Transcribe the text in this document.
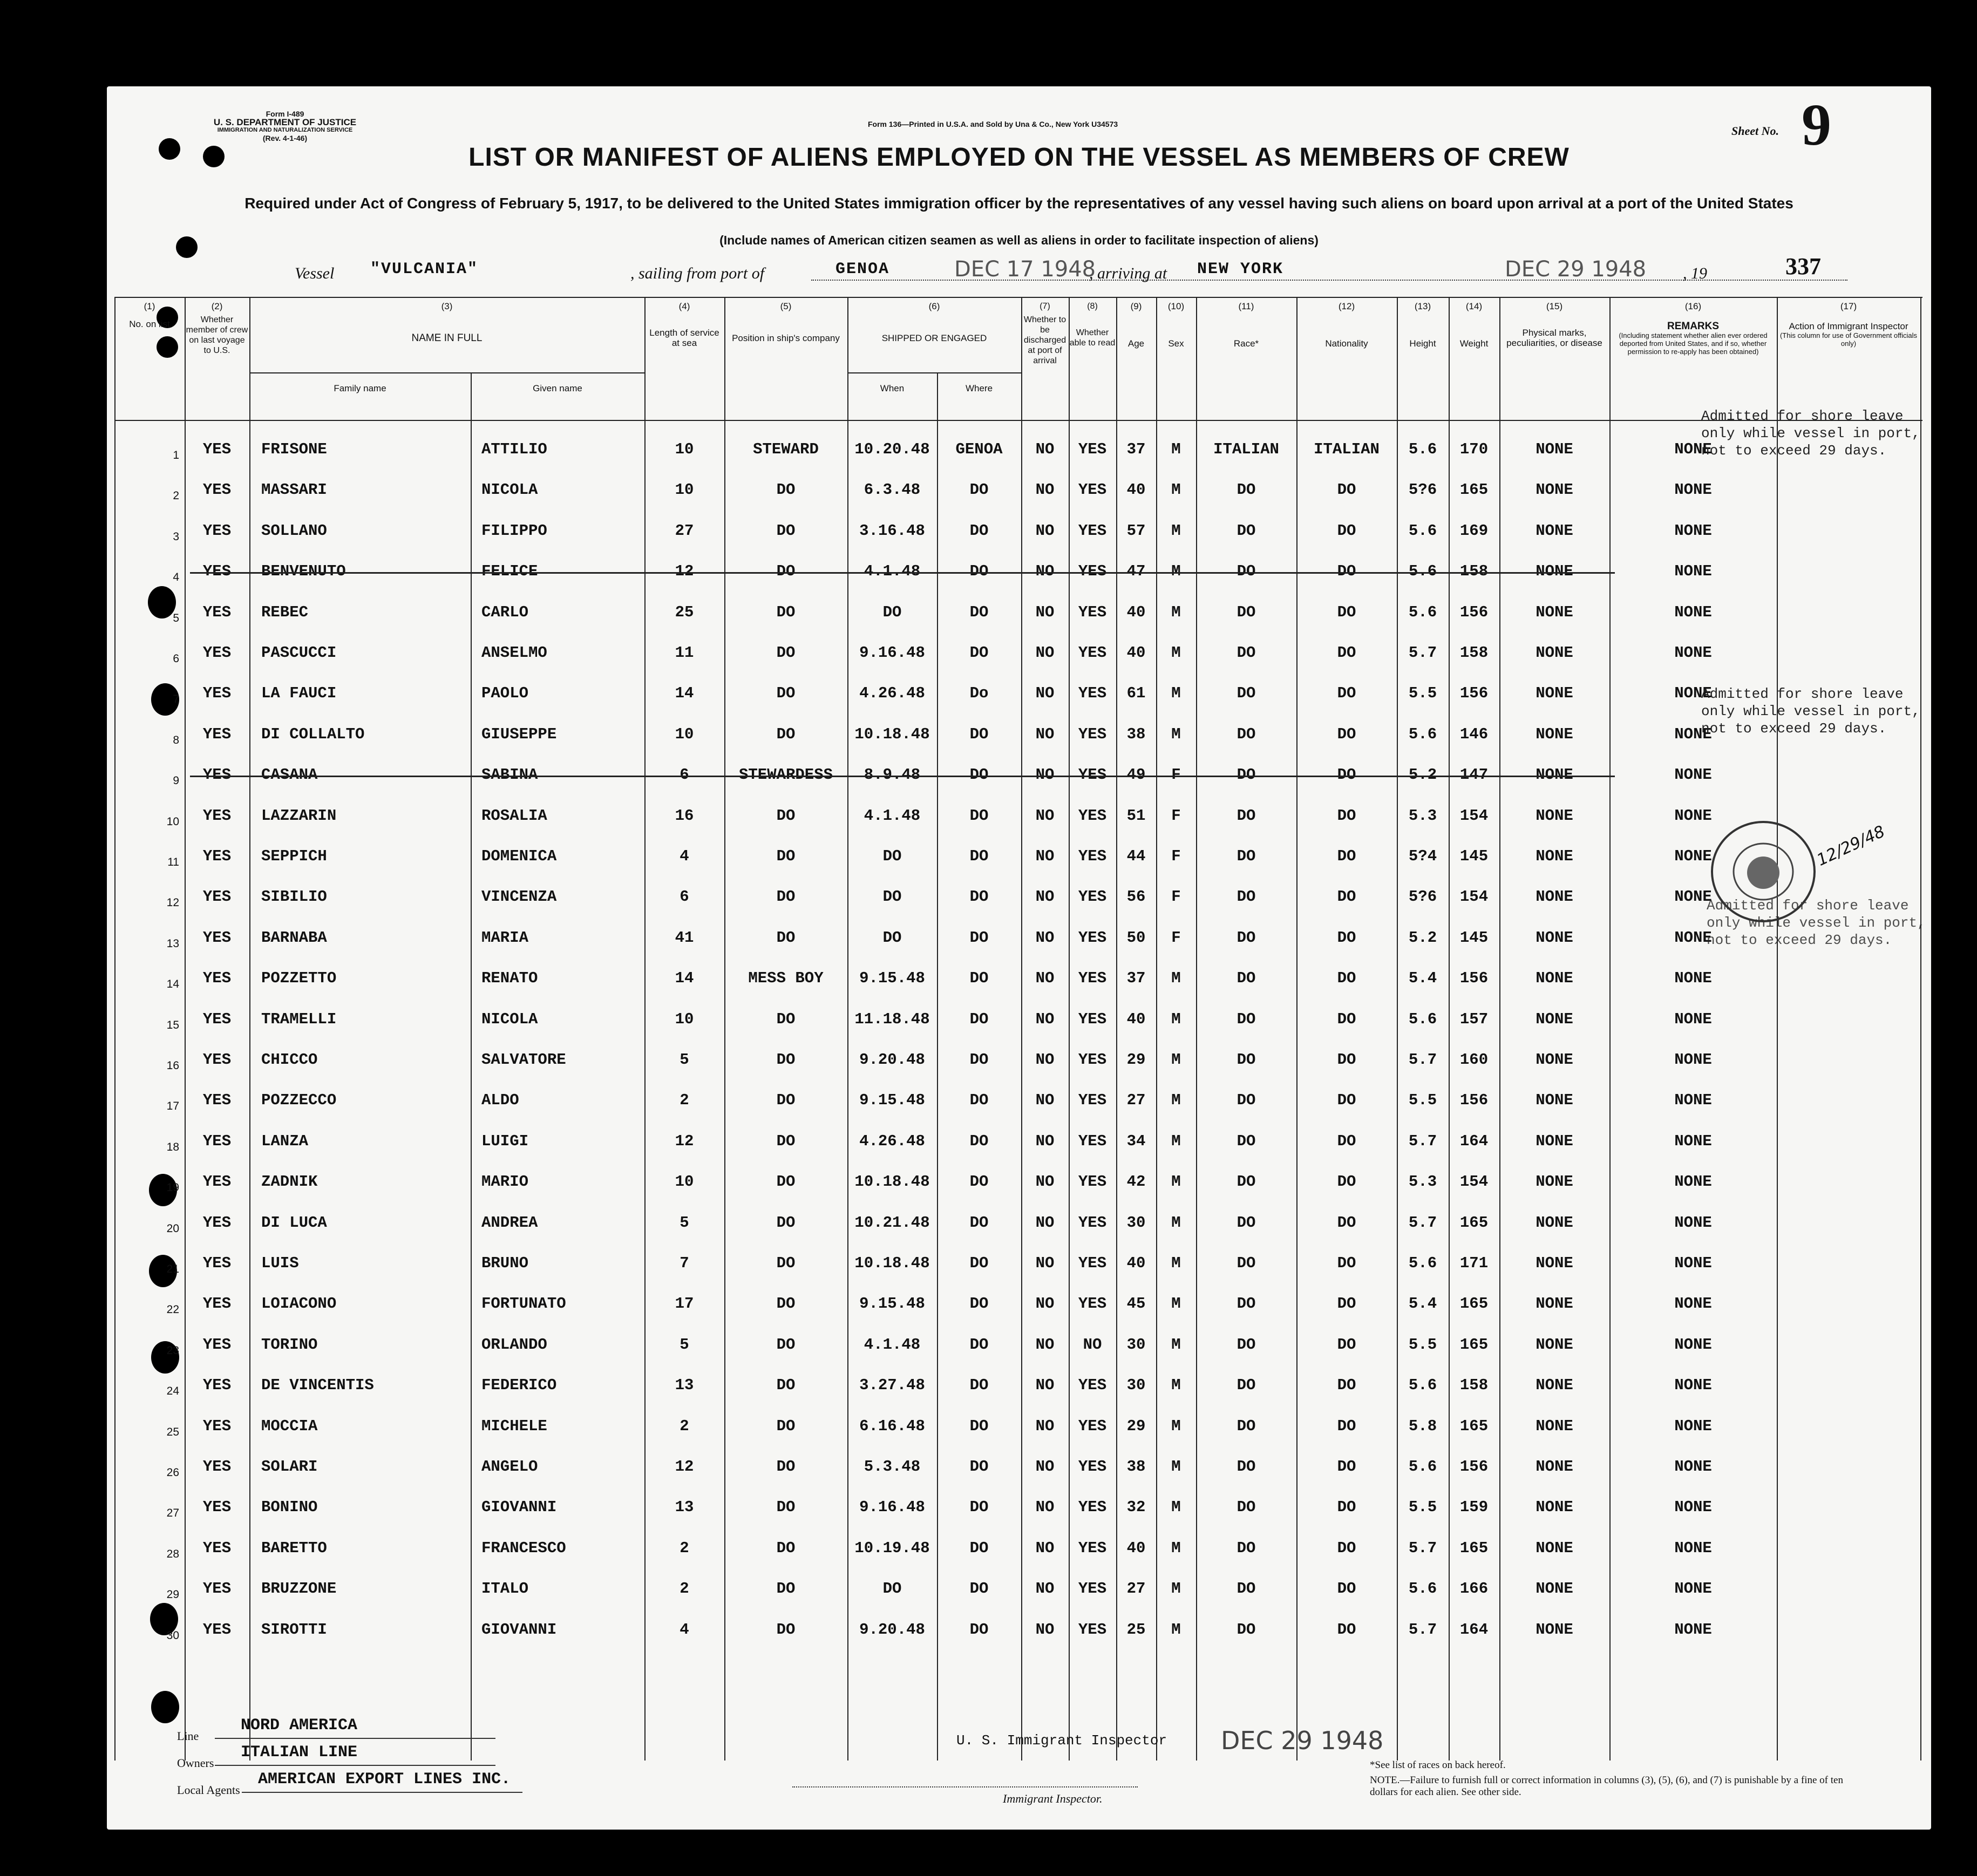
Form I-489
U. S. DEPARTMENT OF JUSTICE
IMMIGRATION AND NATURALIZATION SERVICE
(Rev. 4-1-46)
Form 136—Printed in U.S.A. and Sold by Una & Co., New York U34573	Sheet No. 9
LIST OR MANIFEST OF ALIENS EMPLOYED ON THE VESSEL AS MEMBERS OF CREW
Required under Act of Congress of February 5, 1917, to be delivered to the United States immigration officer by the representatives of any vessel having such aliens on board upon arrival at a port of the United States
(Include names of American citizen seamen as well as aliens in order to facilitate inspection of aliens)
Vessel "VULCANIA"	, sailing from port of	GENOA	DEC 17 1948
, arriving at NEW YORK	DEC 29 1948 , 19	337
(1)
No. on list
(2)
Whether member of crew on last voyage to U.S.
(3)
NAME IN FULL
Family name	Given name
(4)
Length of service at sea
(5)
Position in ship's company
(6)
SHIPPED OR ENGAGED
When	Where
(7)
Whether to be discharged at port of arrival
(8)
Whether able to read
(9)
Age
(10)
Sex
(11)
Race*
(12)
Nationality
(13)
Height
(14)
Weight
(15)
Physical marks, peculiarities, or disease
(16)
REMARKS
(Including statement whether alien ever ordered deported from United States, and if so, whether permission to re-apply has been obtained)
(17)
Action of Immigrant Inspector
(This column for use of Government officials only)
1	YES	FRISONE	ATTILIO	10	STEWARD	10.20.48	GENOA	NO	YES	37	M	ITALIAN	ITALIAN	5.6	170	NONE	NONE
2	YES	MASSARI	NICOLA	10	DO	6.3.48	DO	NO	YES	40	M	DO	DO	5?6	165	NONE	NONE
3	YES	SOLLANO	FILIPPO	27	DO	3.16.48	DO	NO	YES	57	M	DO	DO	5.6	169	NONE	NONE
4	YES	BENVENUTO	FELICE	12	DO	4.1.48	DO	NO	YES	47	M	DO	DO	5.6	158	NONE	NONE
5	YES	REBEC	CARLO	25	DO	DO	DO	NO	YES	40	M	DO	DO	5.6	156	NONE	NONE
6	YES	PASCUCCI	ANSELMO	11	DO	9.16.48	DO	NO	YES	40	M	DO	DO	5.7	158	NONE	NONE
7	YES	LA FAUCI	PAOLO	14	DO	4.26.48	Do	NO	YES	61	M	DO	DO	5.5	156	NONE	NONE
8	YES	DI COLLALTO	GIUSEPPE	10	DO	10.18.48	DO	NO	YES	38	M	DO	DO	5.6	146	NONE	NONE
9	YES	CASANA	SABINA	6	STEWARDESS	8.9.48	DO	NO	YES	49	F	DO	DO	5.2	147	NONE	NONE
10	YES	LAZZARIN	ROSALIA	16	DO	4.1.48	DO	NO	YES	51	F	DO	DO	5.3	154	NONE	NONE
11	YES	SEPPICH	DOMENICA	4	DO	DO	DO	NO	YES	44	F	DO	DO	5?4	145	NONE	NONE
12	YES	SIBILIO	VINCENZA	6	DO	DO	DO	NO	YES	56	F	DO	DO	5?6	154	NONE	NONE
13	YES	BARNABA	MARIA	41	DO	DO	DO	NO	YES	50	F	DO	DO	5.2	145	NONE	NONE
14	YES	POZZETTO	RENATO	14	MESS BOY	9.15.48	DO	NO	YES	37	M	DO	DO	5.4	156	NONE	NONE
15	YES	TRAMELLI	NICOLA	10	DO	11.18.48	DO	NO	YES	40	M	DO	DO	5.6	157	NONE	NONE
16	YES	CHICCO	SALVATORE	5	DO	9.20.48	DO	NO	YES	29	M	DO	DO	5.7	160	NONE	NONE
17	YES	POZZECCO	ALDO	2	DO	9.15.48	DO	NO	YES	27	M	DO	DO	5.5	156	NONE	NONE
18	YES	LANZA	LUIGI	12	DO	4.26.48	DO	NO	YES	34	M	DO	DO	5.7	164	NONE	NONE
19	YES	ZADNIK	MARIO	10	DO	10.18.48	DO	NO	YES	42	M	DO	DO	5.3	154	NONE	NONE
20	YES	DI LUCA	ANDREA	5	DO	10.21.48	DO	NO	YES	30	M	DO	DO	5.7	165	NONE	NONE
21	YES	LUIS	BRUNO	7	DO	10.18.48	DO	NO	YES	40	M	DO	DO	5.6	171	NONE	NONE
22	YES	LOIACONO	FORTUNATO	17	DO	9.15.48	DO	NO	YES	45	M	DO	DO	5.4	165	NONE	NONE
23	YES	TORINO	ORLANDO	5	DO	4.1.48	DO	NO	NO	30	M	DO	DO	5.5	165	NONE	NONE
24	YES	DE VINCENTIS	FEDERICO	13	DO	3.27.48	DO	NO	YES	30	M	DO	DO	5.6	158	NONE	NONE
25	YES	MOCCIA	MICHELE	2	DO	6.16.48	DO	NO	YES	29	M	DO	DO	5.8	165	NONE	NONE
26	YES	SOLARI	ANGELO	12	DO	5.3.48	DO	NO	YES	38	M	DO	DO	5.6	156	NONE	NONE
27	YES	BONINO	GIOVANNI	13	DO	9.16.48	DO	NO	YES	32	M	DO	DO	5.5	159	NONE	NONE
28	YES	BARETTO	FRANCESCO	2	DO	10.19.48	DO	NO	YES	40	M	DO	DO	5.7	165	NONE	NONE
29	YES	BRUZZONE	ITALO	2	DO	DO	DO	NO	YES	27	M	DO	DO	5.6	166	NONE	NONE
30	YES	SIROTTI	GIOVANNI	4	DO	9.20.48	DO	NO	YES	25	M	DO	DO	5.7	164	NONE	NONE
Admitted for shore leave only while vessel in port, not to exceed 29 days.
Admitted for shore leave only while vessel in port, not to exceed 29 days.
Admitted for shore leave only while vessel in port, not to exceed 29 days.
12/29/48
U. S. Immigrant Inspector DEC 29 1948
Line
NORD AMERICA
Owners
ITALIAN LINE
Local Agents
AMERICAN EXPORT LINES INC.
Immigrant Inspector.
*See list of races on back hereof.
NOTE.—Failure to furnish full or correct information in columns (3), (5), (6), and (7) is punishable by a fine of ten dollars for each alien. See other side.
